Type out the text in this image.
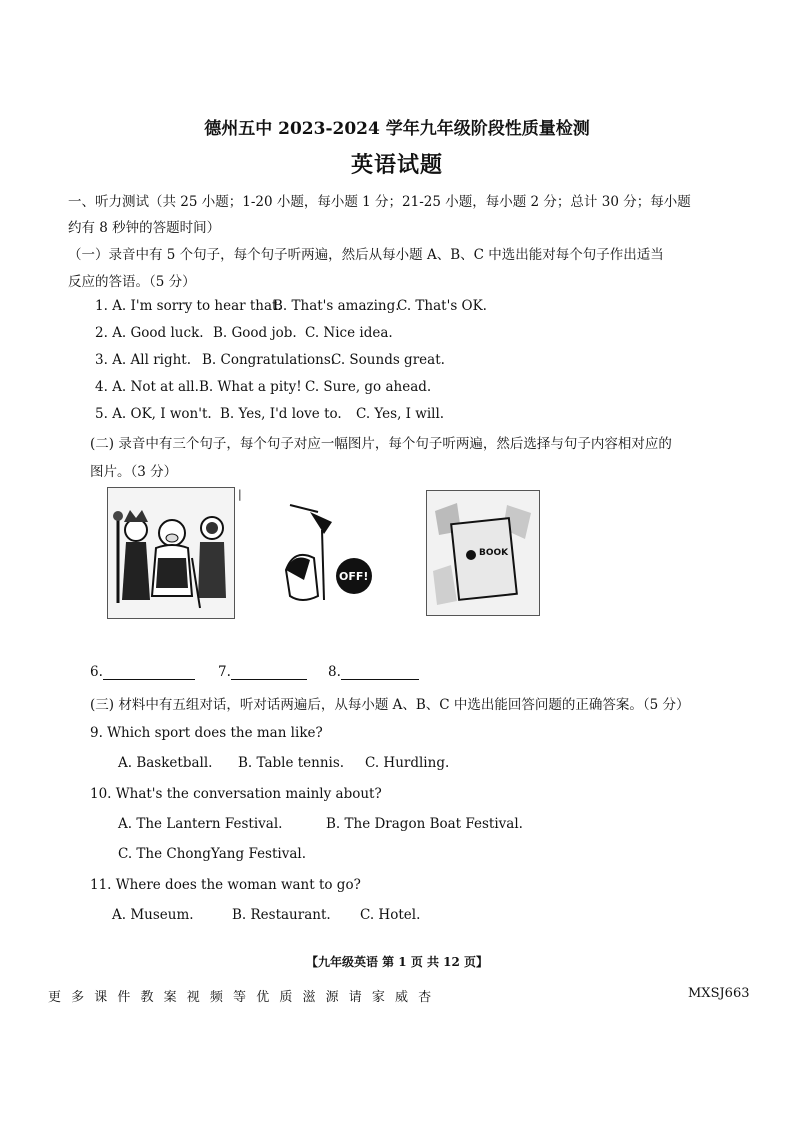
德州五中 2023-2024 学年九年级阶段性质量检测
英语试题
一、听力测试（共 25 小题；1-20 小题，每小题 1 分；21-25 小题，每小题 2 分；总计 30 分；每小题
约有 8 秒钟的答题时间）
（一）录音中有 5 个句子，每个句子听两遍，然后从每小题 A、B、C 中选出能对每个句子作出适当
反应的答语。（5 分）
1. A. I'm sorry to hear that.
B. That's amazing.
C. That's OK.
2. A. Good luck. B. Good job. C. Nice idea.
3. A. All right. B. Congratulations.
C. Sounds great.
4. A. Not at all. B. What a pity! C. Sure, go ahead.
5. A. OK, I won't. B. Yes, I'd love to. C. Yes, I will.
(二) 录音中有三个句子，每个句子对应一幅图片，每个句子听两遍，然后选择与句子内容相对应的
图片。（3 分）
|
OFF!
BOOK
6.	7.	8.
(三) 材料中有五组对话，听对话两遍后，从每小题 A、B、C 中选出能回答问题的正确答案。（5 分）
9. Which sport does the man like?
A. Basketball. B. Table tennis. C. Hurdling.
10. What's the conversation mainly about?
A. The Lantern Festival.	B. The Dragon Boat Festival.
C. The ChongYang Festival.
11. Where does the woman want to go?
A. Museum.	B. Restaurant. C. Hotel.
【九年级英语 第 1 页 共 12 页】
更 多 课 件 教 案 视 频 等 优 质 滋 源 请 家 威 杏	MXSJ663
